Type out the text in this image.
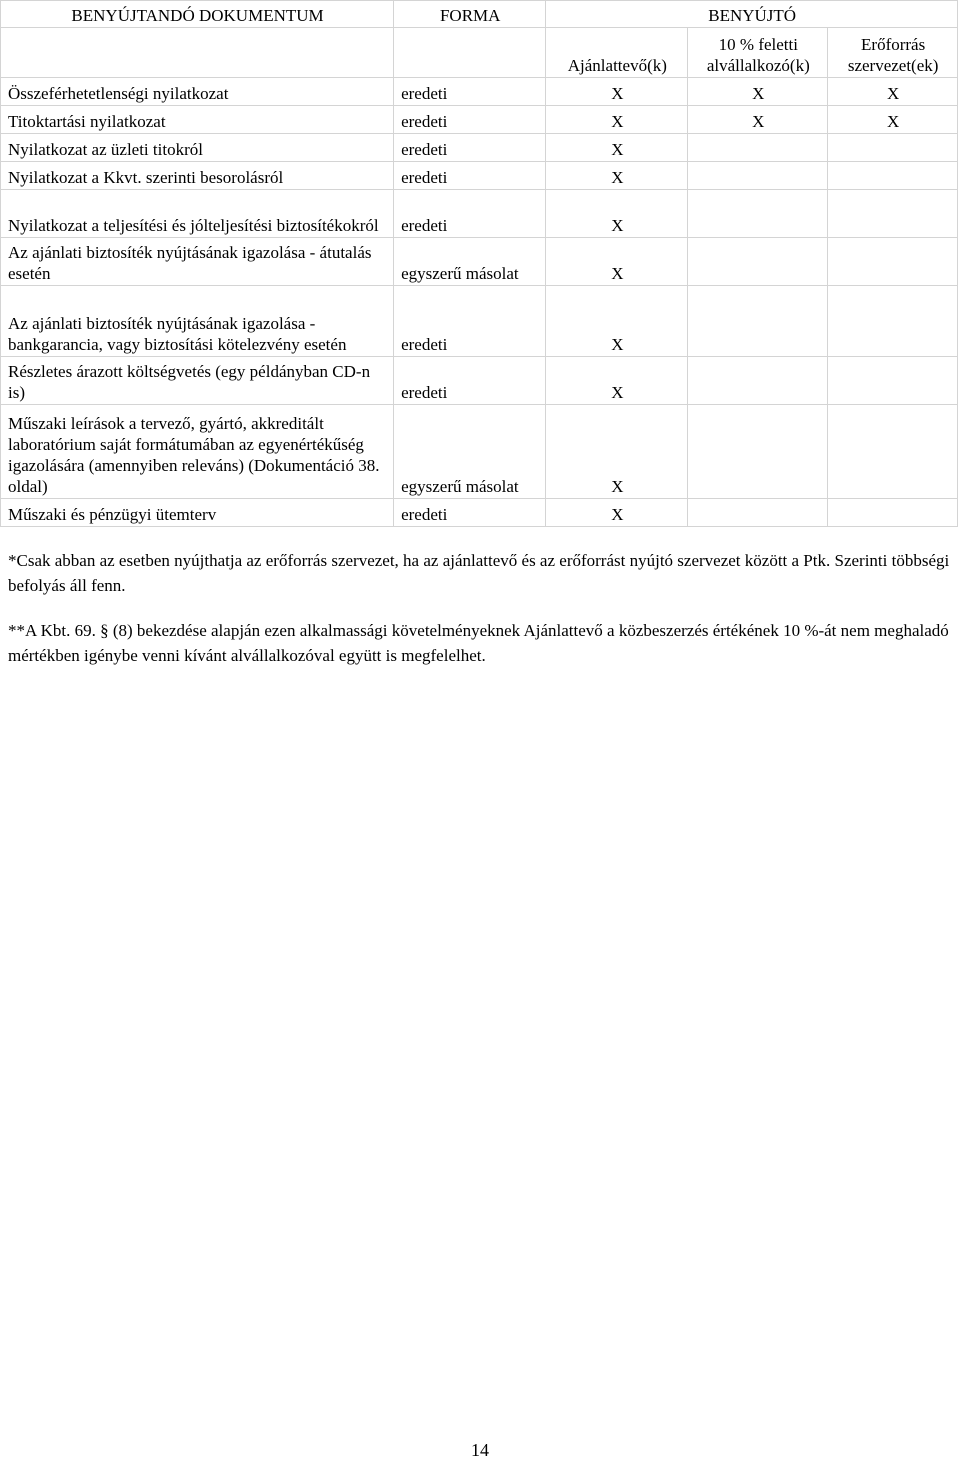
BENYÚJTANDÓ DOKUMENTUM	FORMA	BENYÚJTÓ		
		Ajánlattevő(k)	10 % feletti alvállalkozó(k)	Erőforrás szervezet(ek)
Összeférhetetlenségi nyilatkozat	eredeti	X	X	X
Titoktartási nyilatkozat	eredeti	X	X	X
Nyilatkozat az üzleti titokról	eredeti	X		
Nyilatkozat a Kkvt. szerinti besorolásról	eredeti	X		
Nyilatkozat a teljesítési és jólteljesítési biztosítékokról	eredeti	X		
Az ajánlati biztosíték nyújtásának igazolása - átutalás esetén	egyszerű másolat	X		
Az ajánlati biztosíték nyújtásának igazolása - bankgarancia, vagy biztosítási kötelezvény esetén	eredeti	X		
Részletes árazott költségvetés (egy példányban CD-n is)	eredeti	X		
Műszaki leírások a tervező, gyártó, akkreditált laboratórium saját formátumában az egyenértékűség igazolására (amennyiben releváns) (Dokumentáció 38. oldal)	egyszerű másolat	X		
Műszaki és pénzügyi ütemterv	eredeti	X		

*Csak abban az esetben nyújthatja az erőforrás szervezet, ha az ajánlattevő és az erőforrást nyújtó szervezet között a Ptk. Szerinti többségi befolyás áll fenn.

**A Kbt. 69. § (8) bekezdése alapján ezen alkalmassági követelményeknek Ajánlattevő a közbeszerzés értékének 10 %-át nem meghaladó mértékben igénybe venni kívánt alvállalkozóval együtt is megfelelhet.

14
